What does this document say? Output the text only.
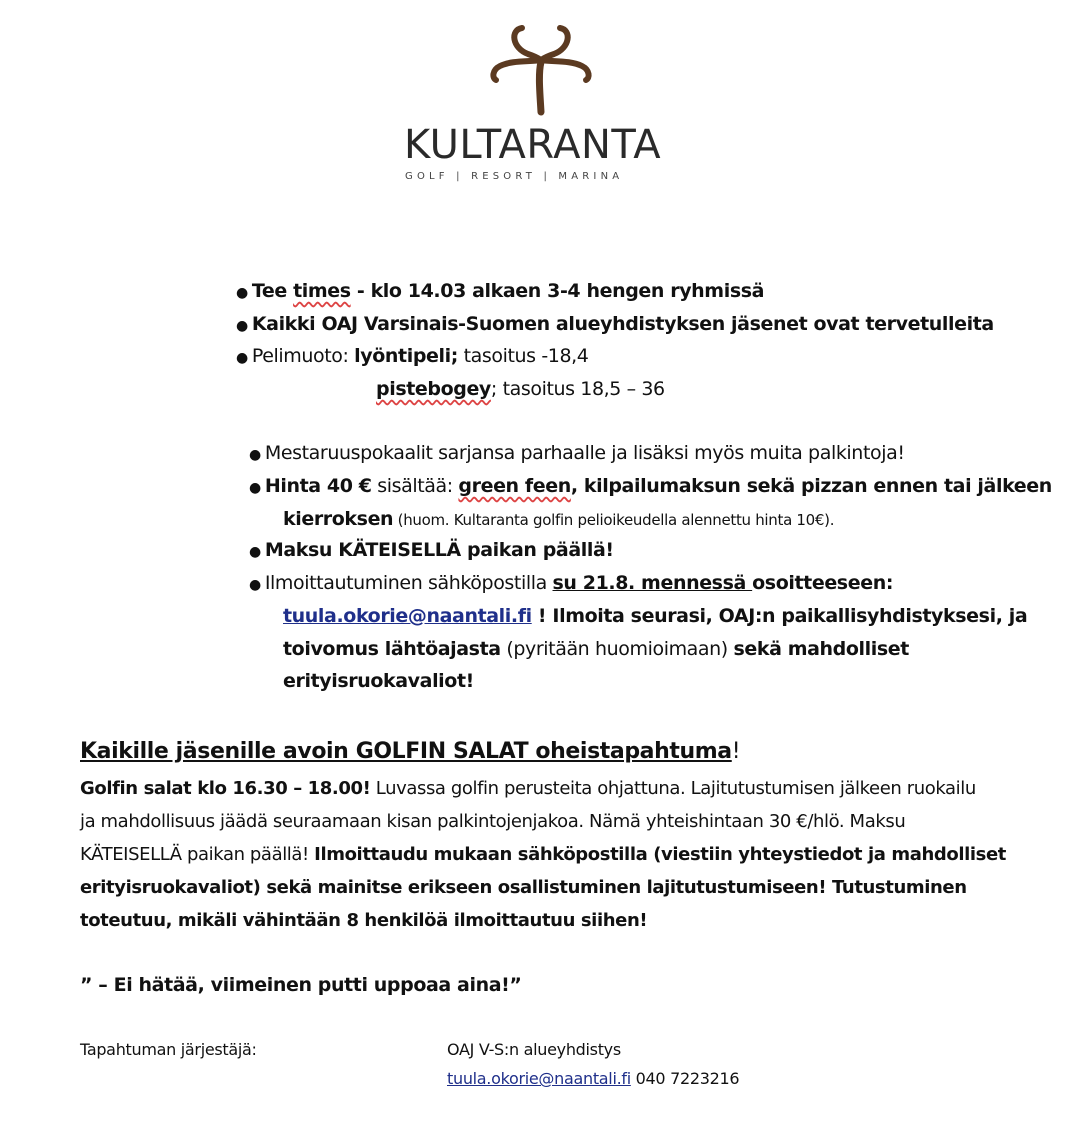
KULTARANTA
GOLF | RESORT | MARINA
● Tee times - klo 14.03 alkaen 3-4 hengen ryhmissä
● Kaikki OAJ Varsinais-Suomen alueyhdistyksen jäsenet ovat tervetulleita
● Pelimuoto: lyöntipeli; tasoitus -18,4
pistebogey; tasoitus 18,5 – 36
● Mestaruuspokaalit sarjansa parhaalle ja lisäksi myös muita palkintoja!
● Hinta 40 € sisältää: green feen, kilpailumaksun sekä pizzan ennen tai jälkeen
kierroksen (huom. Kultaranta golfin pelioikeudella alennettu hinta 10€).
● Maksu KÄTEISELLÄ paikan päällä!
● Ilmoittautuminen sähköpostilla su 21.8. mennessä osoitteeseen:
tuula.okorie@naantali.fi ! Ilmoita seurasi, OAJ:n paikallisyhdistyksesi, ja
toivomus lähtöajasta (pyritään huomioimaan) sekä mahdolliset
erityisruokavaliot!
Kaikille jäsenille avoin GOLFIN SALAT oheistapahtuma!
Golfin salat klo 16.30 – 18.00! Luvassa golfin perusteita ohjattuna. Lajitutustumisen jälkeen ruokailu
ja mahdollisuus jäädä seuraamaan kisan palkintojenjakoa. Nämä yhteishintaan 30 €/hlö. Maksu
KÄTEISELLÄ paikan päällä! Ilmoittaudu mukaan sähköpostilla (viestiin yhteystiedot ja mahdolliset
erityisruokavaliot) sekä mainitse erikseen osallistuminen lajitutustumiseen! Tutustuminen
toteutuu, mikäli vähintään 8 henkilöä ilmoittautuu siihen!
” – Ei hätää, viimeinen putti uppoaa aina!”
Tapahtuman järjestäjä:	OAJ V-S:n alueyhdistys
tuula.okorie@naantali.fi 040 7223216
